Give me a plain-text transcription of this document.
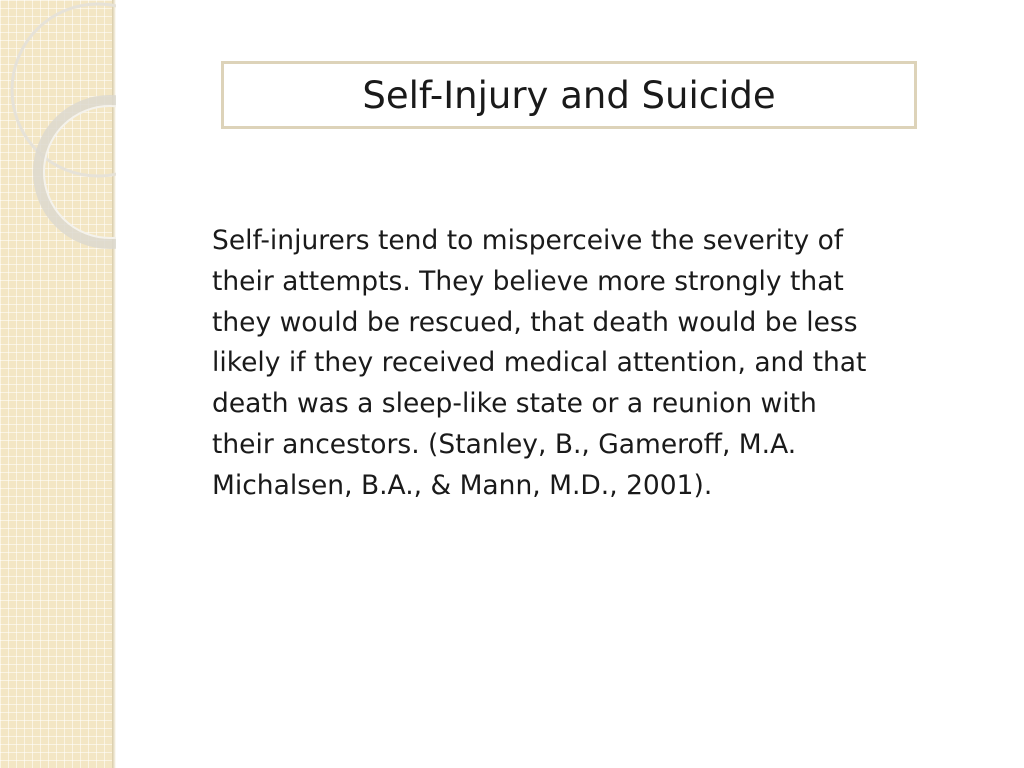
Self-Injury and Suicide

Self-injurers tend to misperceive the severity of
their attempts. They believe more strongly that
they would be rescued, that death would be less
likely if they received medical attention, and that
death was a sleep-like state or a reunion with
their ancestors. (Stanley, B., Gameroff, M.A.
Michalsen, B.A., & Mann, M.D., 2001).
